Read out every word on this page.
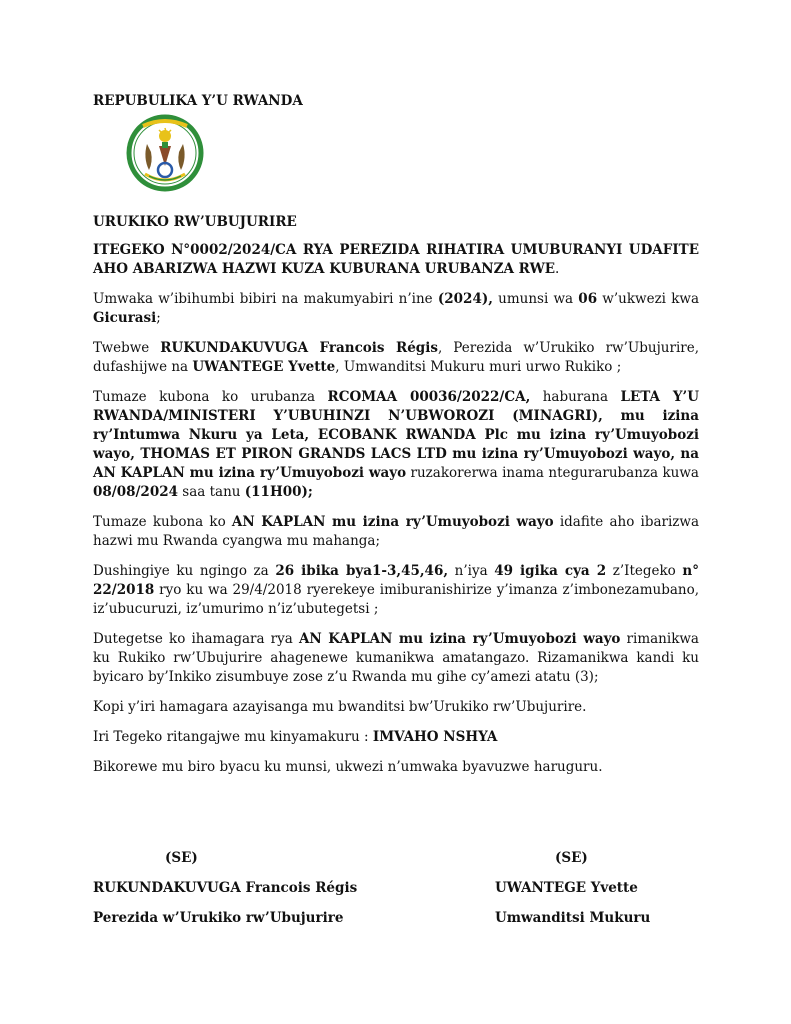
REPUBULIKA Y’U RWANDA
URUKIKO RW’UBUJURIRE

ITEGEKO N°0002/2024/CA RYA PEREZIDA RIHATIRA UMUBURANYI UDAFITE AHO ABARIZWA HAZWI KUZA KUBURANA URUBANZA RWE.

Umwaka w’ibihumbi bibiri na makumyabiri n’ine (2024), umunsi wa 06 w’ukwezi kwa Gicurasi;

Twebwe RUKUNDAKUVUGA Francois Régis, Perezida w’Urukiko rw’Ubujurire, dufashijwe na UWANTEGE Yvette, Umwanditsi Mukuru muri urwo Rukiko ;

Tumaze kubona ko urubanza RCOMAA 00036/2022/CA, haburana LETA Y’U RWANDA/MINISTERI Y’UBUHINZI N’UBWOROZI (MINAGRI), mu izina ry’Intumwa Nkuru ya Leta, ECOBANK RWANDA Plc mu izina ry’Umuyobozi wayo, THOMAS ET PIRON GRANDS LACS LTD mu izina ry’Umuyobozi wayo, na AN KAPLAN mu izina ry’Umuyobozi wayo ruzakorerwa inama ntegurarubanza kuwa 08/08/2024 saa tanu (11H00);

Tumaze kubona ko AN KAPLAN mu izina ry’Umuyobozi wayo idafite aho ibarizwa hazwi mu Rwanda cyangwa mu mahanga;

Dushingiye ku ngingo za 26 ibika bya1-3,45,46, n’iya 49 igika cya 2 z’Itegeko n° 22/2018 ryo ku wa 29/4/2018 ryerekeye imiburanishirize y’imanza z’imbonezamubano, iz’ubucuruzi, iz’umurimo n’iz’ubutegetsi ;

Dutegetse ko ihamagara rya AN KAPLAN mu izina ry’Umuyobozi wayo rimanikwa ku Rukiko rw’Ubujurire ahagenewe kumanikwa amatangazo. Rizamanikwa kandi ku byicaro by’Inkiko zisumbuye zose z’u Rwanda mu gihe cy’amezi atatu (3);

Kopi y’iri hamagara azayisanga mu bwanditsi bw’Urukiko rw’Ubujurire.

Iri Tegeko ritangajwe mu kinyamakuru : IMVAHO NSHYA

Bikorewe mu biro byacu ku munsi, ukwezi n’umwaka byavuzwe haruguru.

(SE)
RUKUNDAKUVUGA Francois Régis
Perezida w’Urukiko rw’Ubujurire
(SE)
UWANTEGE Yvette
Umwanditsi Mukuru
